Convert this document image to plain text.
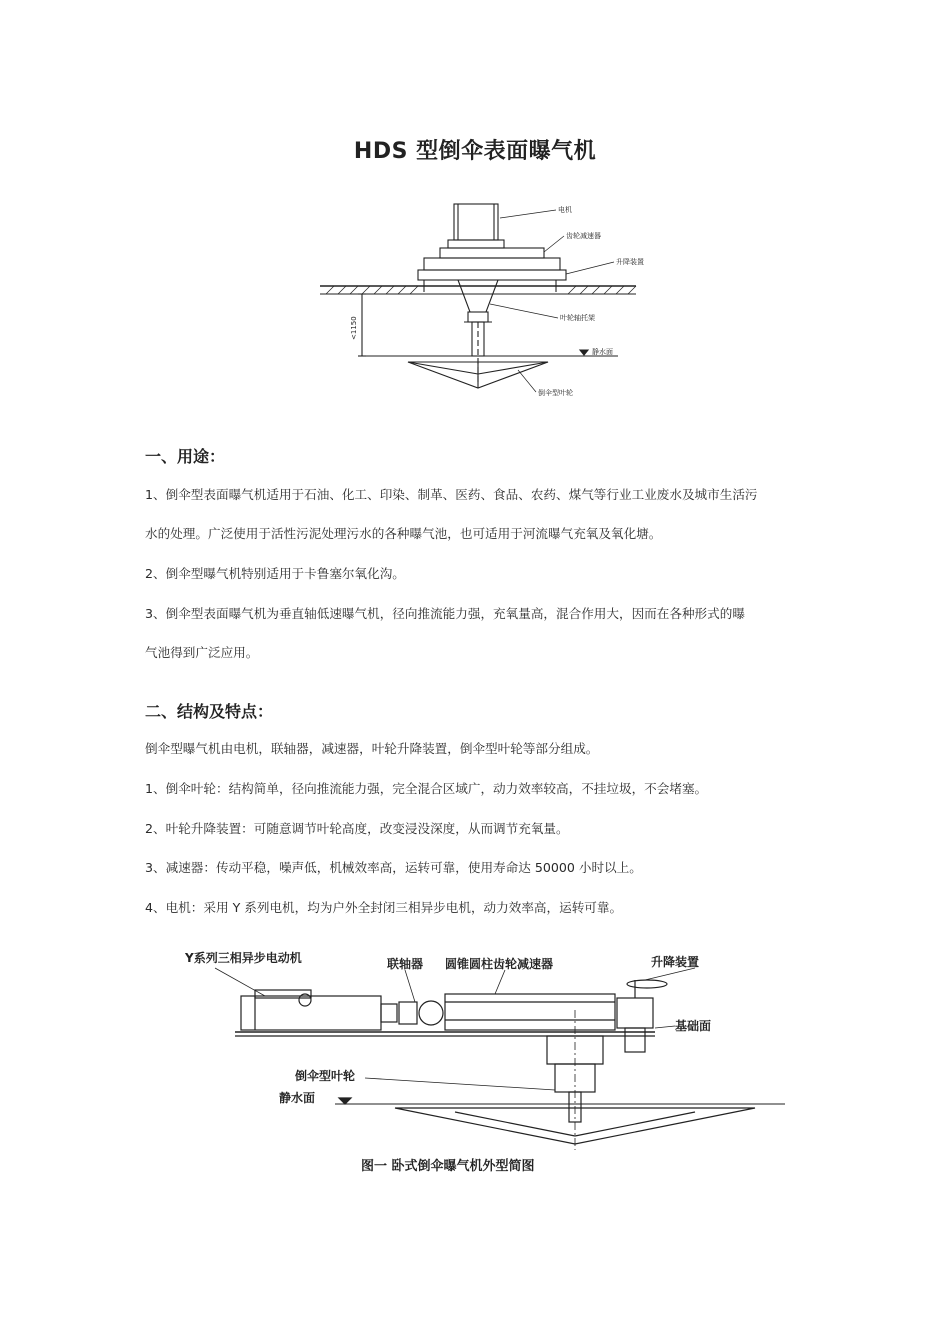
HDS 型倒伞表面曝气机
电机
齿轮减速器
升降装置
叶轮轴托架
静水面
倒伞型叶轮
<1150
一、用途：
1、倒伞型表面曝气机适用于石油、化工、印染、制革、医药、食品、农药、煤气等行业工业废水及城市生活污
水的处理。广泛使用于活性污泥处理污水的各种曝气池，也可适用于河流曝气充氧及氧化塘。
2、倒伞型曝气机特别适用于卡鲁塞尔氧化沟。
3、倒伞型表面曝气机为垂直轴低速曝气机，径向推流能力强，充氧量高，混合作用大，因而在各种形式的曝
气池得到广泛应用。
二、结构及特点：
倒伞型曝气机由电机，联轴器，减速器，叶轮升降装置，倒伞型叶轮等部分组成。
1、倒伞叶轮：结构简单，径向推流能力强，完全混合区域广，动力效率较高，不挂垃圾，不会堵塞。
2、叶轮升降装置：可随意调节叶轮高度，改变浸没深度，从而调节充氧量。
3、减速器：传动平稳，噪声低，机械效率高，运转可靠，使用寿命达 50000 小时以上。
4、电机：采用 Y 系列电机，均为户外全封闭三相异步电机，动力效率高，运转可靠。
Y系列三相异步电动机	联轴器 圆锥圆柱齿轮减速器	升降装置
基础面
倒伞型叶轮
静水面
图一 卧式倒伞曝气机外型简图
